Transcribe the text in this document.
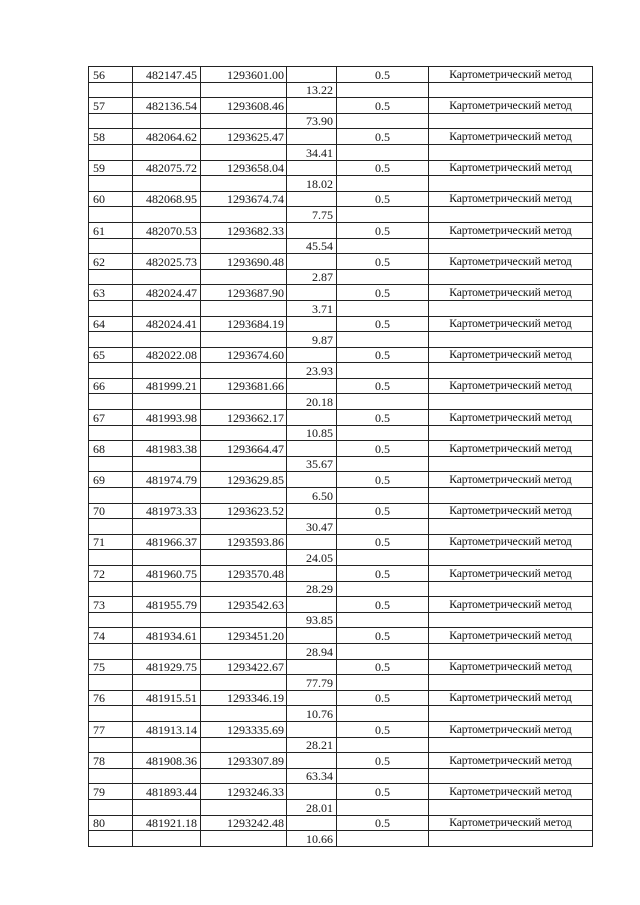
56	482147.45	1293601.00		0.5	Картометрический метод
			13.22		
57	482136.54	1293608.46		0.5	Картометрический метод
			73.90		
58	482064.62	1293625.47		0.5	Картометрический метод
			34.41		
59	482075.72	1293658.04		0.5	Картометрический метод
			18.02		
60	482068.95	1293674.74		0.5	Картометрический метод
			7.75		
61	482070.53	1293682.33		0.5	Картометрический метод
			45.54		
62	482025.73	1293690.48		0.5	Картометрический метод
			2.87		
63	482024.47	1293687.90		0.5	Картометрический метод
			3.71		
64	482024.41	1293684.19		0.5	Картометрический метод
			9.87		
65	482022.08	1293674.60		0.5	Картометрический метод
			23.93		
66	481999.21	1293681.66		0.5	Картометрический метод
			20.18		
67	481993.98	1293662.17		0.5	Картометрический метод
			10.85		
68	481983.38	1293664.47		0.5	Картометрический метод
			35.67		
69	481974.79	1293629.85		0.5	Картометрический метод
			6.50		
70	481973.33	1293623.52		0.5	Картометрический метод
			30.47		
71	481966.37	1293593.86		0.5	Картометрический метод
			24.05		
72	481960.75	1293570.48		0.5	Картометрический метод
			28.29		
73	481955.79	1293542.63		0.5	Картометрический метод
			93.85		
74	481934.61	1293451.20		0.5	Картометрический метод
			28.94		
75	481929.75	1293422.67		0.5	Картометрический метод
			77.79		
76	481915.51	1293346.19		0.5	Картометрический метод
			10.76		
77	481913.14	1293335.69		0.5	Картометрический метод
			28.21		
78	481908.36	1293307.89		0.5	Картометрический метод
			63.34		
79	481893.44	1293246.33		0.5	Картометрический метод
			28.01		
80	481921.18	1293242.48		0.5	Картометрический метод
			10.66		
